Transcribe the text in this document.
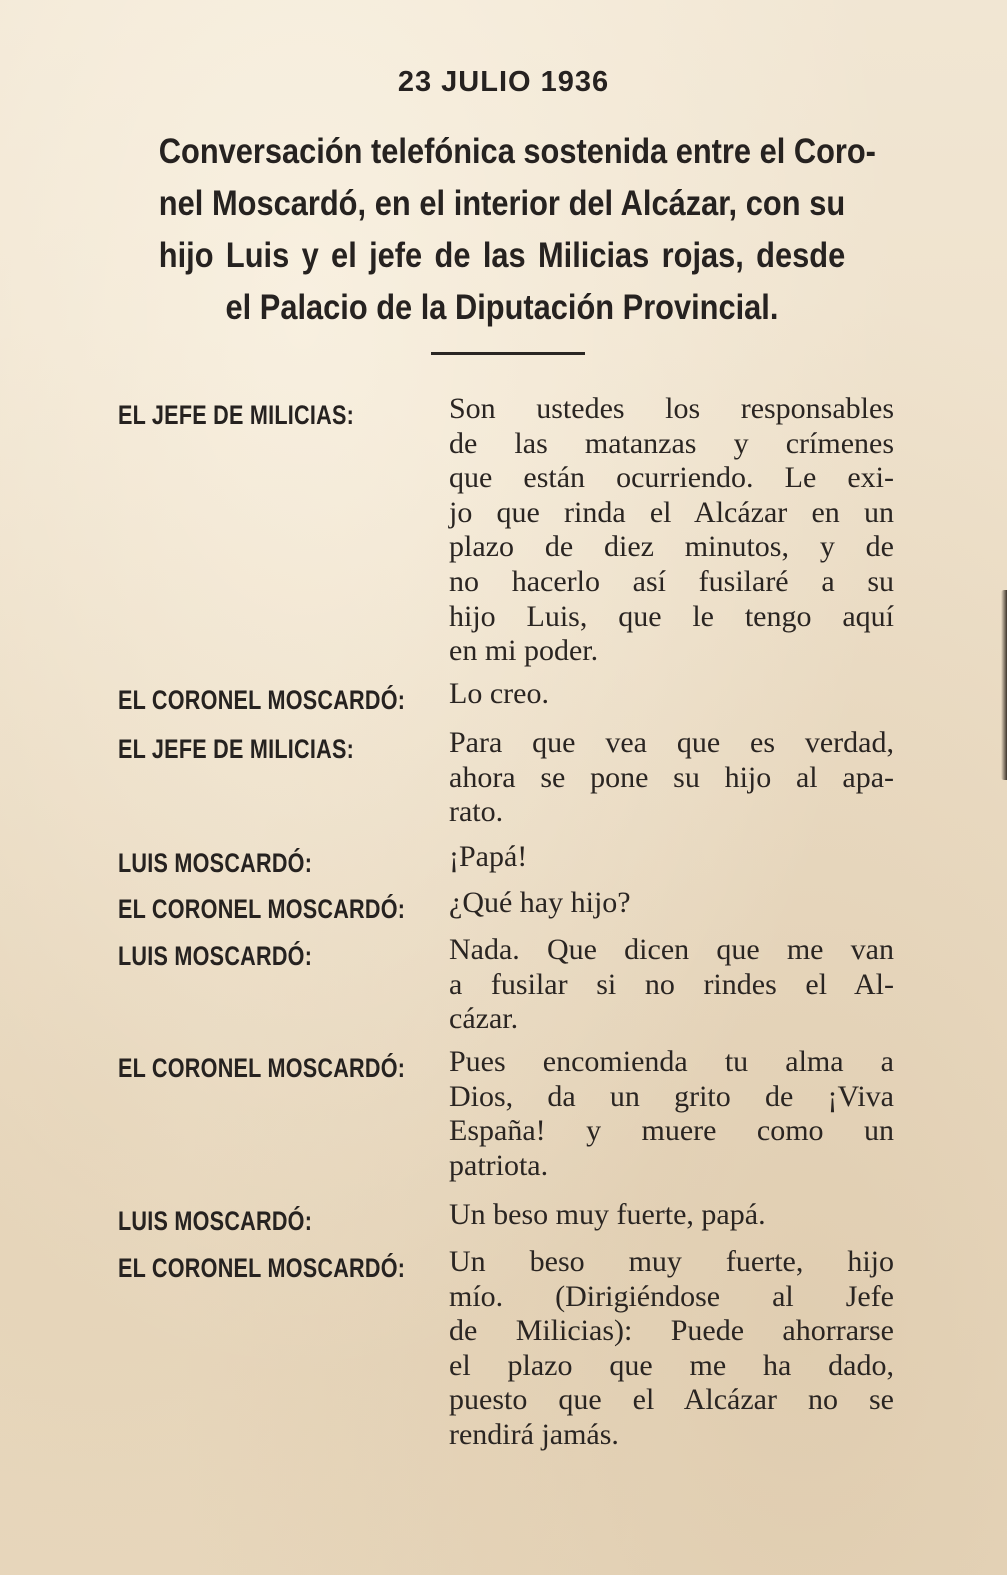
23 JULIO 1936
Conversación telefónica sostenida entre el Coro-
nel Moscardó, en el interior del Alcázar, con su
hijo Luis y el jefe de las Milicias rojas, desde
el Palacio de la Diputación Provincial.
EL JEFE DE MILICIAS:	Son ustedes los responsables
de las matanzas y crímenes
que están ocurriendo. Le exi-
jo que rinda el Alcázar en un
plazo de diez minutos, y de
no hacerlo así fusilaré a su
hijo Luis, que le tengo aquí
en mi poder.
EL CORONEL MOSCARDÓ: Lo creo.
EL JEFE DE MILICIAS:	Para que vea que es verdad,
ahora se pone su hijo al apa-
rato.
LUIS MOSCARDÓ:	¡Papá!
EL CORONEL MOSCARDÓ: ¿Qué hay hijo?
LUIS MOSCARDÓ:	Nada. Que dicen que me van
a fusilar si no rindes el Al-
cázar.
EL CORONEL MOSCARDÓ: Pues encomienda tu alma a
Dios, da un grito de ¡Viva
España! y muere como un
patriota.
LUIS MOSCARDÓ:	Un beso muy fuerte, papá.
EL CORONEL MOSCARDÓ: Un beso muy fuerte, hijo
mío. (Dirigiéndose al Jefe
de Milicias): Puede ahorrarse
el plazo que me ha dado,
puesto que el Alcázar no se
rendirá jamás.
